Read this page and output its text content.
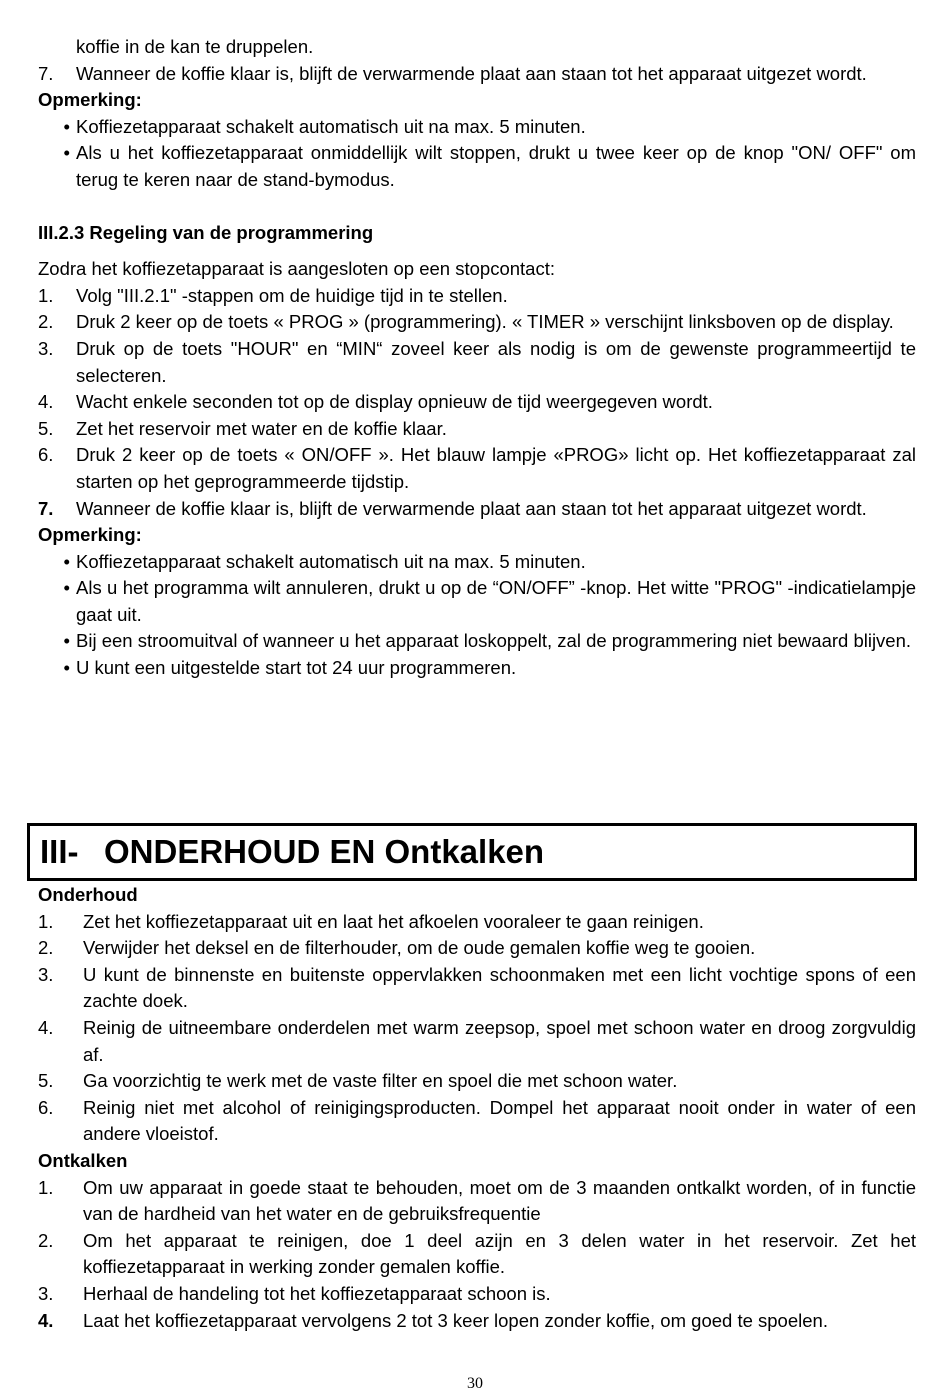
koffie in de kan te druppelen.
7.	Wanneer de koffie klaar is, blijft de verwarmende plaat aan staan tot het apparaat uitgezet wordt.
Opmerking:
• Koffiezetapparaat schakelt automatisch uit na max. 5 minuten.
• Als u het koffiezetapparaat onmiddellijk wilt stoppen, drukt u twee keer op de knop "ON/ OFF" om terug te keren naar de stand-bymodus.
III.2.3 Regeling van de programmering
Zodra het koffiezetapparaat is aangesloten op een stopcontact:
1.	Volg "III.2.1" -stappen om de huidige tijd in te stellen.
2.	Druk 2 keer op de toets « PROG » (programmering). « TIMER » verschijnt linksboven op de display.
3.	Druk op de toets "HOUR" en “MIN“ zoveel keer als nodig is om de gewenste programmeertijd te selecteren.
4.	Wacht enkele seconden tot op de display opnieuw de tijd weergegeven wordt.
5.	Zet het reservoir met water en de koffie klaar.
6.	Druk 2 keer op de toets « ON/OFF ». Het blauw lampje «PROG» licht op. Het koffiezetapparaat zal starten op het geprogrammeerde tijdstip.
7.	Wanneer de koffie klaar is, blijft de verwarmende plaat aan staan tot het apparaat uitgezet wordt.
Opmerking:
• Koffiezetapparaat schakelt automatisch uit na max. 5 minuten.
• Als u het programma wilt annuleren, drukt u op de “ON/OFF” -knop. Het witte "PROG" -indicatielampje gaat uit.
• Bij een stroomuitval of wanneer u het apparaat loskoppelt, zal de programmering niet bewaard blijven.
• U kunt een uitgestelde start tot 24 uur programmeren.
III- ONDERHOUD EN Ontkalken
Onderhoud
1.	Zet het koffiezetapparaat uit en laat het afkoelen vooraleer te gaan reinigen.
2.	Verwijder het deksel en de filterhouder, om de oude gemalen koffie weg te gooien.
3.	U kunt de binnenste en buitenste oppervlakken schoonmaken met een licht vochtige spons of een zachte doek.
4.	Reinig de uitneembare onderdelen met warm zeepsop, spoel met schoon water en droog zorgvuldig af.
5.	Ga voorzichtig te werk met de vaste filter en spoel die met schoon water.
6.	Reinig niet met alcohol of reinigingsproducten. Dompel het apparaat nooit onder in water of een andere vloeistof.
Ontkalken
1.	Om uw apparaat in goede staat te behouden, moet om de 3 maanden ontkalkt worden, of in functie van de hardheid van het water en de gebruiksfrequentie
2.	Om het apparaat te reinigen, doe 1 deel azijn en 3 delen water in het reservoir. Zet het koffiezetapparaat in werking zonder gemalen koffie.
3.	Herhaal de handeling tot het koffiezetapparaat schoon is.
4.	Laat het koffiezetapparaat vervolgens 2 tot 3 keer lopen zonder koffie, om goed te spoelen.
30
